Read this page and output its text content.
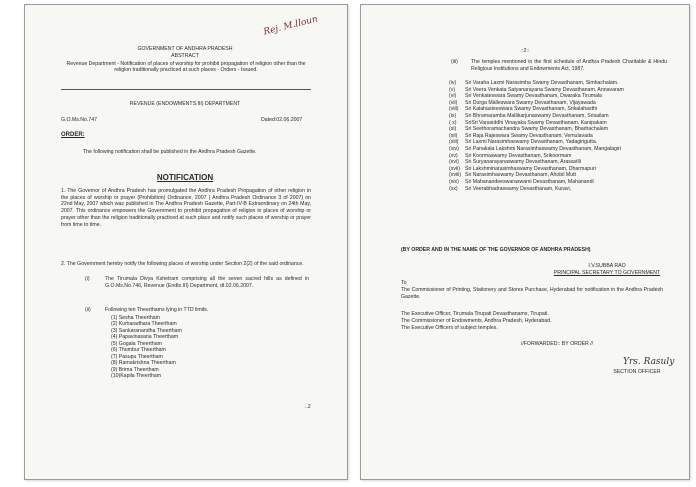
Rej. M.lloun
GOVERNMENT OF ANDHRA PRADESH
ABSTRACT
Revenue Department - Notification of places of worship for prohibit propagation of religion other than the religion traditionally practiced at such places - Orders - Issued.
REVENUE (ENDOWMENTS.III) DEPARTMENT
G.O.Ms.No.747	Dated:02.06.2007
ORDER:
The following notification shall be published in the Andhra Pradesh Gazette.
NOTIFICATION
1. The Governor of Andhra Pradesh has promulgated the Andhra Pradesh Propagation of other religion in the places of worship or prayer (Prohibition) Ordinance, 2007 ( Andhra Pradesh Ordinance 3 of 2007) on 22nd May, 2007 which was published in The Andhra Pradesh Gazette, Part-IV-B Extraordinary on 24th May, 2007. This ordinance empowers the Government to prohibit propagation of religion in places of worship or prayer other than the religion traditionally practiced at such place and notify such places of worship or prayer from time to time.
2. The Government hereby notify the following places of worship under Section 2(2) of the said ordinance.
(i)	The Tirumala Divya Kshetram comprising all the seven sacred hills as defined in G.O.Ms.No.746, Revenue (Endts.III) Department, dt.02.06.2007.
(ii)	Following ten Theerthams lying in TTD limits.
(1) Sesha Theertham
(2) Kumaradhara Theertham
(3) Sankaranandha Theertham
(4) Papavinasana Theertham
(5) Gogala Theertham
(6) Thumbur Theertham
(7) Pasupu Theertham
(8) Ramakrishna Theertham
(9) Brima Theertham
(10)Kapila Theertham
..2
::2::
(iii)	The temples mentioned in the first schedule of Andhra Pradesh Charitable & Hindu Religious Institutions and Endowments Act, 1987.
(iv) Sri Varaha Laxmi Narasimha Swamy Devasthanam, Simhachalam.
(v) Sri Veera Venkata Satyanarayana Swamy Devasthanam, Annavaram
(vi) Sri Venkateswara Swamy Devasthanam, Dwaraka Tirumala
(vii) Sri Durga Malleswara Swamy Devasthanam, Vijayawada
(viii) Sri Kalahasteeswara Swamy Devasthanam, Srikalahasthi
(ix) Sri Bhramaramba Mallikarjunaswamy Devasthanam, Srisailam
( x) SriSri Varasiddhi Vinayaka Swamy Devasthanam, Kanipakam
(xi) Sri Seethoramachandra Swamy Devasthanam, Bhadrachalam
(xii) Sri Raja Rajeswara Swamy Devasthanam, Vemulavada
(xiii) Sri Laxmi Narasimhaswamy Devasthanam, Yadagirigutta.
(xiv) Sri Panakala Lakshmi Narasimhaswamy Devasthanam, Mangalagiri
(xv) Sri Koormaswamy Devasthanam, Srikoormam
(xvi) Sri Suryanarayanaswamy Devasthanam, Arasavilli
(xvii) Sri Lakshminarasimhaswamy Devasthanam, Dharmapuri
(xviii) Sri Narasimhaswamy Devasthanam, Ahobil Mutt
(xix) Sri Mahanandeeswaraswami Devasthanam, Mahanandi
(xx) Sri Veerabhadraswamy Devasthanam, Kuravi,
(BY ORDER AND IN THE NAME OF THE GOVERNOR OF ANDHRA PRADESH)
I.V.SUBBA RAO
PRINCIPAL SECRETARY TO GOVERNMENT
To
The Commissioner of Printing, Stationery and Stores Purchase, Hyderabad for notification in the Andhra Pradesh Gazette.
The Executive Officer, Tirumala Tirupati Devasthanams, Tirupati.
The Commissioner of Endowments, Andhra Pradesh, Hyderabad.
The Executive Officers of subject temples.
//FORWARDED:: BY ORDER //
Yrs. Rasuly
SECTION OFFICER
